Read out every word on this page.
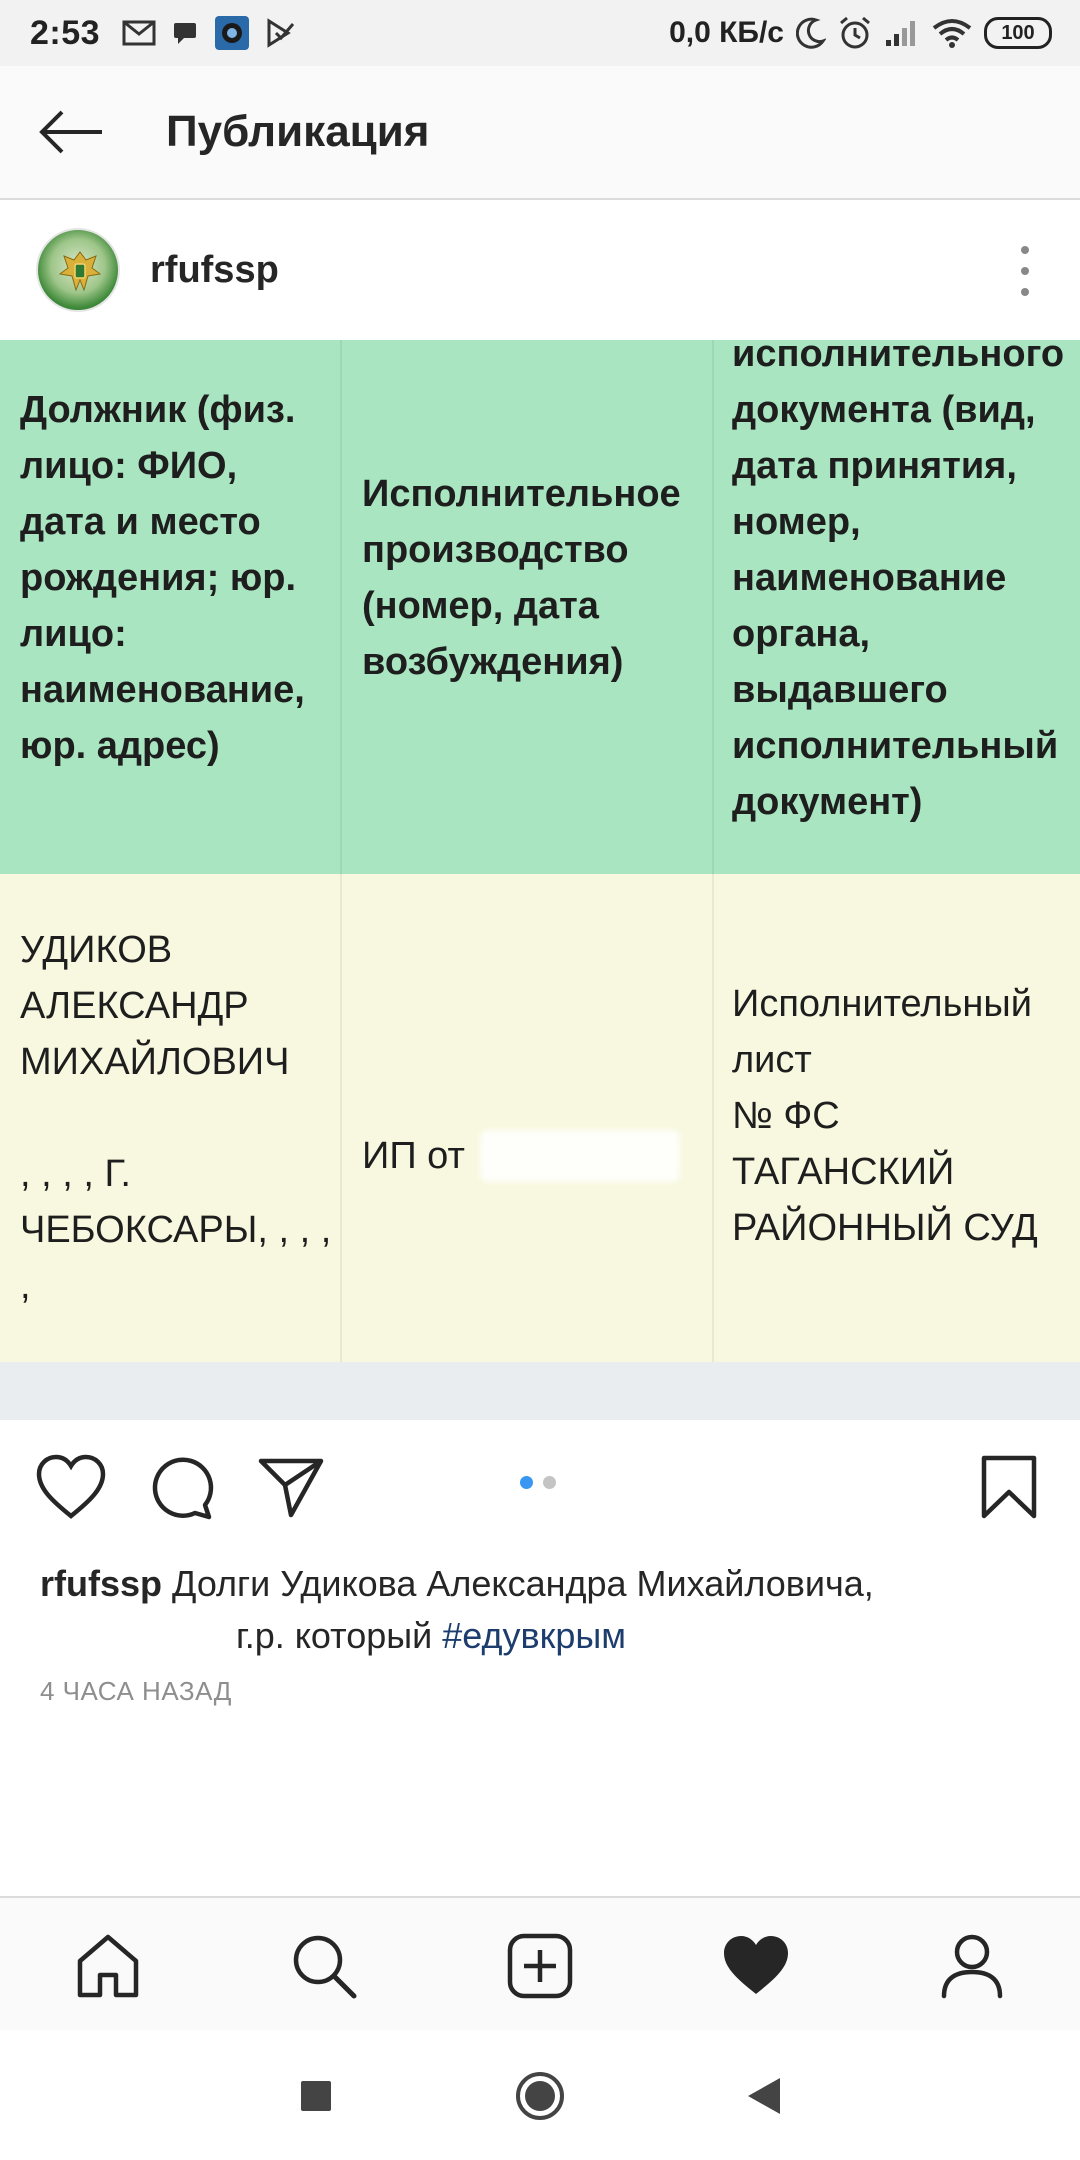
2:53	0,0 КБ/с	100
Публикация
rfufssp
Должник (физ.
лицо: ФИО,
дата и место
рождения; юр.
лицо:
наименование,
юр. адрес)
Исполнительное
производство
(номер, дата
возбуждения)
исполнительного
документа (вид,
дата принятия,
номер,
наименование
органа,
выдавшего
исполнительный
документ)
УДИКОВ
АЛЕКСАНДР
МИХАЙЛОВИЧ
, , , , Г.
ЧЕБОКСАРЫ, , , ,
,
ИП от
Исполнительный
лист
№ ФС
ТАГАНСКИЙ
РАЙОННЫЙ СУД
rfufssp Долги Удикова Александра Михайловича,
г.р. который #едувкрым
4 ЧАСА НАЗАД
